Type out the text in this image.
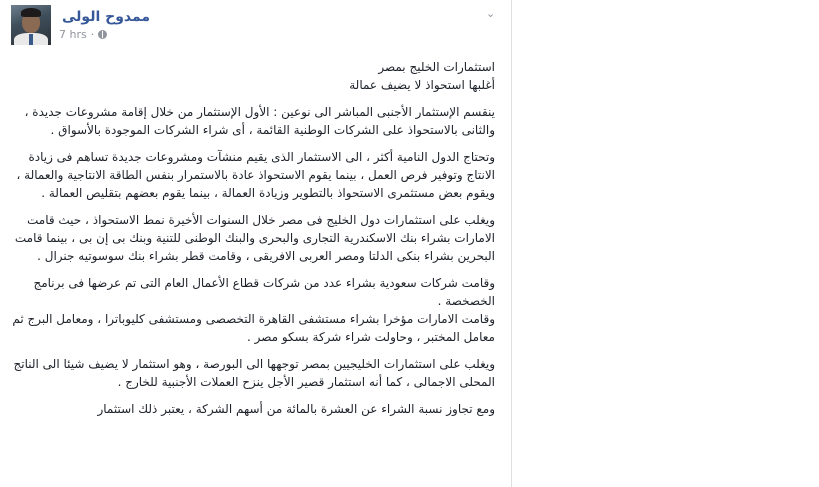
⌄
ممدوح الولى
7 hrs ·

استثمارات الخليج بمصر
أغلبها استحواذ لا يضيف عمالة

ينقسم الإستثمار الأجنبى المباشر الى نوعين : الأول الإستثمار من خلال إقامة مشروعات جديدة ، والثانى بالاستحواذ على الشركات الوطنية القائمة ، أى شراء الشركات الموجودة بالأسواق .

وتحتاج الدول النامية أكثر ، الى الاستثمار الذى يقيم منشآت ومشروعات جديدة تساهم فى زيادة الانتاج وتوفير فرص العمل ، بينما يقوم الاستحواذ عادة بالاستمرار بنفس الطاقة الانتاجية والعمالة ، ويقوم بعض مستثمرى الاستحواذ بالتطوير وزيادة العمالة ، بينما يقوم بعضهم بتقليص العمالة .

ويغلب على استثمارات دول الخليج فى مصر خلال السنوات الأخيرة نمط الاستحواذ ، حيث قامت الامارات بشراء بنك الاسكندرية التجارى والبحرى والبنك الوطنى للتنية وبنك بى إن بى ، بينما قامت البحرين بشراء بنكى الدلتا ومصر العربى الافريقى ، وقامت قطر بشراء بنك سوسوتيه جنرال .

وقامت شركات سعودية بشراء عدد من شركات قطاع الأعمال العام التى تم عرضها فى برنامج الخصخصة .
وقامت الامارات مؤخرا بشراء مستشفى القاهرة التخصصى ومستشفى كليوباترا ، ومعامل البرج ثم معامل المختبر ، وحاولت شراء شركة بسكو مصر .

ويغلب على استثمارات الخليجيين بمصر توجهها الى البورصة ، وهو استثمار لا يضيف شيئا الى الناتج المحلى الاجمالى ، كما أنه استثمار قصير الأجل ينزح العملات الأجنبية للخارج .

ومع تجاوز نسبة الشراء عن العشرة بالمائة من أسهم الشركة ، يعتبر ذلك استثمار
